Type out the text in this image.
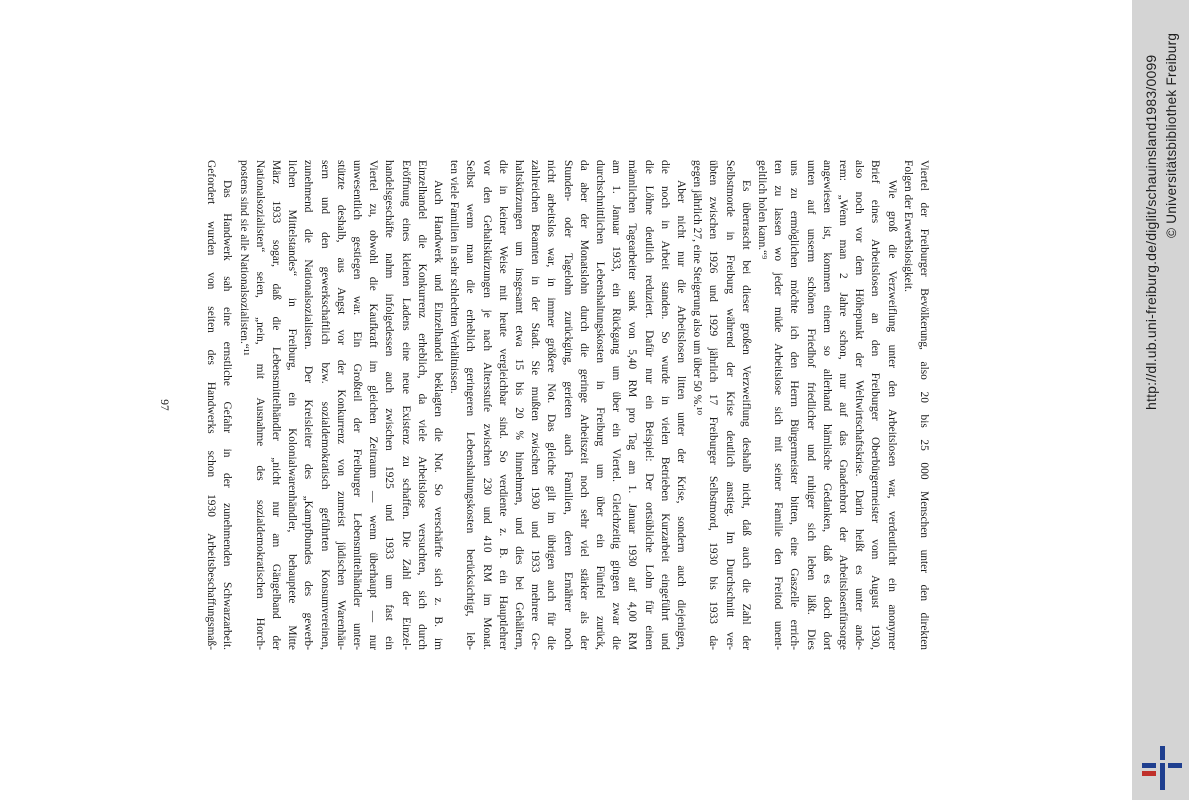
Viertel der Freiburger Bevölkerung, also 20 bis 25 000 Menschen unter den direkten
Folgen der Erwerbslosigkeit.
Wie groß die Verzweiflung unter den Arbeitslosen war, verdeutlicht ein anonymer
Brief eines Arbeitslosen an den Freiburger Oberbürgermeister vom August 1930,
also noch vor dem Höhepunkt der Weltwirtschaftskrise. Darin heißt es unter ande-
rem: „Wenn man 2 Jahre schon, nur auf das Gnadenbrot der Arbeitslosenfürsorge
angewiesen ist, kommen einem so allerhand hämlische Gedanken, daß es doch dort
unten auf unserm schönen Friedhof friedlicher und ruhiger sich leben läßt. Dies
uns zu ermöglichen möchte ich den Herrn Bürgermeister bitten, eine Gaszelle errich-
ten zu lassen wo jeder müde Arbeitslose sich mit seiner Familie den Freitod unent-
geltlich holen kann.“⁹
Es überrascht bei dieser großen Verzweiflung deshalb nicht, daß auch die Zahl der
Selbstmorde in Freiburg während der Krise deutlich anstieg. Im Durchschnitt ver-
übten zwischen 1926 und 1929 jährlich 17 Freiburger Selbstmord, 1930 bis 1933 da-
gegen jährlich 27, eine Steigerung also um über 50 %.¹⁰
Aber nicht nur die Arbeitslosen litten unter der Krise, sondern auch diejenigen,
die noch in Arbeit standen. So wurde in vielen Betrieben Kurzarbeit eingeführt und
die Löhne deutlich reduziert. Dafür nur ein Beispiel: Der ortsübliche Lohn für einen
männlichen Tagearbeiter sank von 5,40 RM pro Tag am 1. Januar 1930 auf 4,00 RM
am 1. Januar 1933, ein Rückgang um über ein Viertel. Gleichzeitig gingen zwar die
durchschnittlichen Lebenshaltungskosten in Freiburg um über ein Fünftel zurück,
da aber der Monatslohn durch die geringe Arbeitszeit noch sehr viel stärker als der
Stunden- oder Tagelohn zurückging, gerieten auch Familien, deren Ernährer noch
nicht arbeitslos war, in immer größere Not. Das gleiche gilt im übrigen auch für die
zahlreichen Beamten in der Stadt. Sie mußten zwischen 1930 und 1933 mehrere Ge-
haltskürzungen um insgesamt etwa 15 bis 20 % hinnehmen, und dies bei Gehältern,
die in keiner Weise mit heute vergleichbar sind. So verdiente z. B. ein Hauptlehrer
vor den Gehaltskürzungen je nach Altersstufe zwischen 230 und 410 RM im Monat.
Selbst wenn man die erheblich geringeren Lebenshaltungskosten berücksichtigt, leb-
ten viele Familien in sehr schlechten Verhältnissen.
Auch Handwerk und Einzelhandel beklagten die Not. So verschärfte sich z. B. im
Einzelhandel die Konkurrenz erheblich, da viele Arbeitslose versuchten, sich durch
Eröffnung eines kleinen Ladens eine neue Existenz zu schaffen. Die Zahl der Einzel-
handelsgeschäfte nahm infolgedessen auch zwischen 1925 und 1933 um fast ein
Viertel zu, obwohl die Kaufkraft im gleichen Zeitraum — wenn überhaupt — nur
unwesentlich gestiegen war. Ein Großteil der Freiburger Lebensmittelhändler unter-
stützte deshalb, aus Angst vor der Konkurrenz von zumeist jüdischen Warenhäu-
sern und den gewerkschaftlich bzw. sozialdemokratisch geführten Konsumvereinen,
zunehmend die Nationalsozialisten. Der Kreisleiter des „Kampfbundes des gewerb-
lichen Mittelstandes“ in Freiburg, ein Kolonialwarenhändler, behauptete Mitte
März 1933 sogar, daß die Lebensmittelhändler „nicht nur am Gängelband der
Nationalsozialisten“ seien, „nein, mit Ausnahme des sozialdemokratischen Horch-
postens sind sie alle Nationalsozialisten.“¹¹
Das Handwerk sah eine ernstliche Gefahr in der zunehmenden Schwarzarbeit.
Gefordert wurden von seiten des Handwerks schon 1930 Arbeitsbeschaffungsmaß-
97	http://dl.ub.uni-freiburg.de/diglit/schauinsland1983/0099 © Universitätsbibliothek Freiburg
